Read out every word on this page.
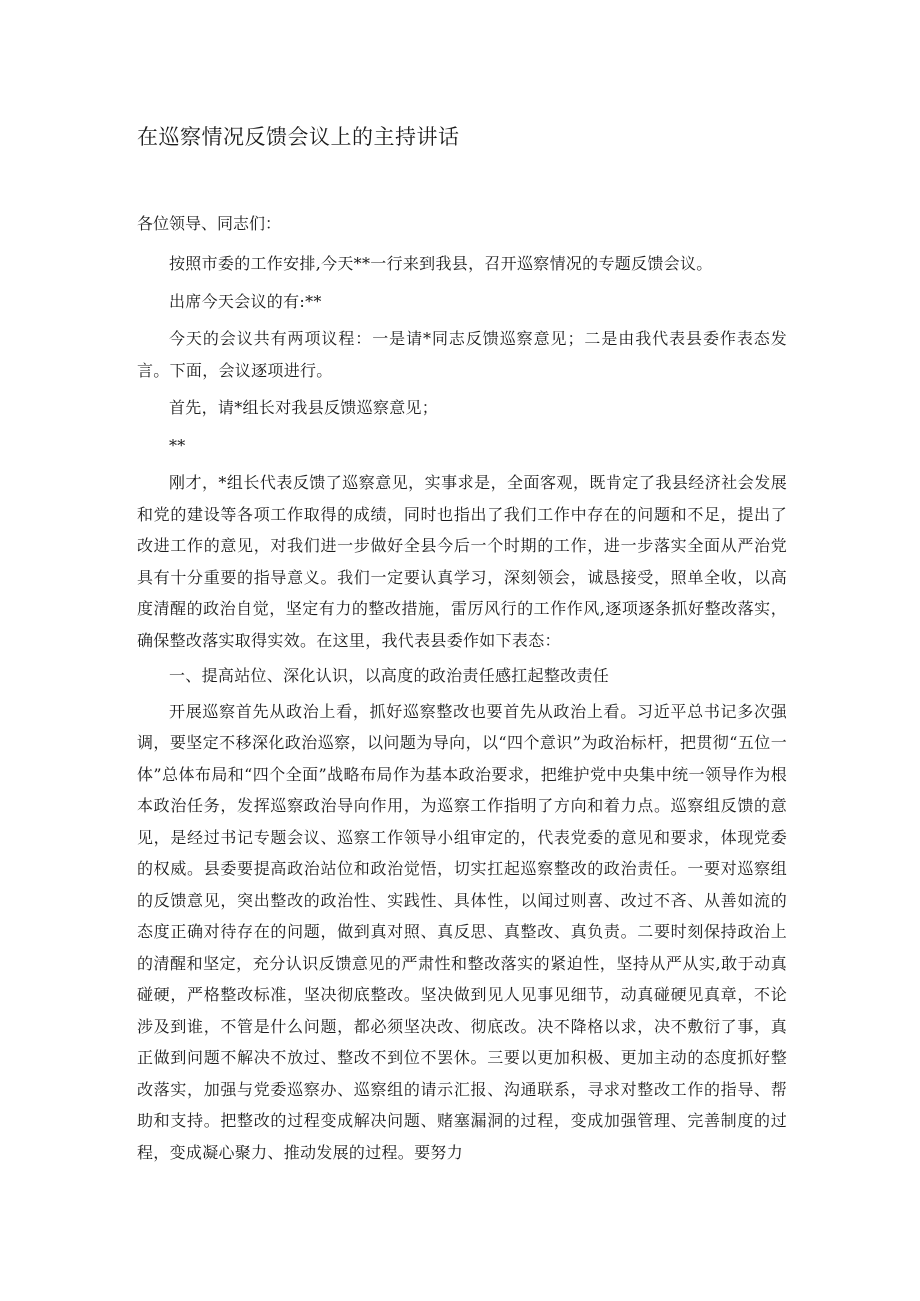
在巡察情况反馈会议上的主持讲话

各位领导、同志们：

按照市委的工作安排,今天**一行来到我县，召开巡察情况的专题反馈会议。

出席今天会议的有:**

今天的会议共有两项议程：一是请*同志反馈巡察意见；二是由我代表县委作表态发言。下面，会议逐项进行。

首先，请*组长对我县反馈巡察意见；

**

刚才，*组长代表反馈了巡察意见，实事求是，全面客观，既肯定了我县经济社会发展和党的建设等各项工作取得的成绩，同时也指出了我们工作中存在的问题和不足，提出了改进工作的意见，对我们进一步做好全县今后一个时期的工作，进一步落实全面从严治党具有十分重要的指导意义。我们一定要认真学习，深刻领会，诚恳接受，照单全收，以高度清醒的政治自觉，坚定有力的整改措施，雷厉风行的工作作风,逐项逐条抓好整改落实，确保整改落实取得实效。在这里，我代表县委作如下表态：

一、提高站位、深化认识，以高度的政治责任感扛起整改责任

开展巡察首先从政治上看，抓好巡察整改也要首先从政治上看。习近平总书记多次强调，要坚定不移深化政治巡察，以问题为导向，以“四个意识”为政治标杆，把贯彻“五位一体”总体布局和“四个全面”战略布局作为基本政治要求，把维护党中央集中统一领导作为根本政治任务，发挥巡察政治导向作用，为巡察工作指明了方向和着力点。巡察组反馈的意见，是经过书记专题会议、巡察工作领导小组审定的，代表党委的意见和要求，体现党委的权威。县委要提高政治站位和政治觉悟，切实扛起巡察整改的政治责任。一要对巡察组的反馈意见，突出整改的政治性、实践性、具体性，以闻过则喜、改过不吝、从善如流的态度正确对待存在的问题，做到真对照、真反思、真整改、真负责。二要时刻保持政治上的清醒和坚定，充分认识反馈意见的严肃性和整改落实的紧迫性，坚持从严从实,敢于动真碰硬，严格整改标准，坚决彻底整改。坚决做到见人见事见细节，动真碰硬见真章，不论涉及到谁，不管是什么问题，都必须坚决改、彻底改。决不降格以求，决不敷衍了事，真正做到问题不解决不放过、整改不到位不罢休。三要以更加积极、更加主动的态度抓好整改落实，加强与党委巡察办、巡察组的请示汇报、沟通联系，寻求对整改工作的指导、帮助和支持。把整改的过程变成解决问题、赌塞漏洞的过程，变成加强管理、完善制度的过程，变成凝心聚力、推动发展的过程。要努力
